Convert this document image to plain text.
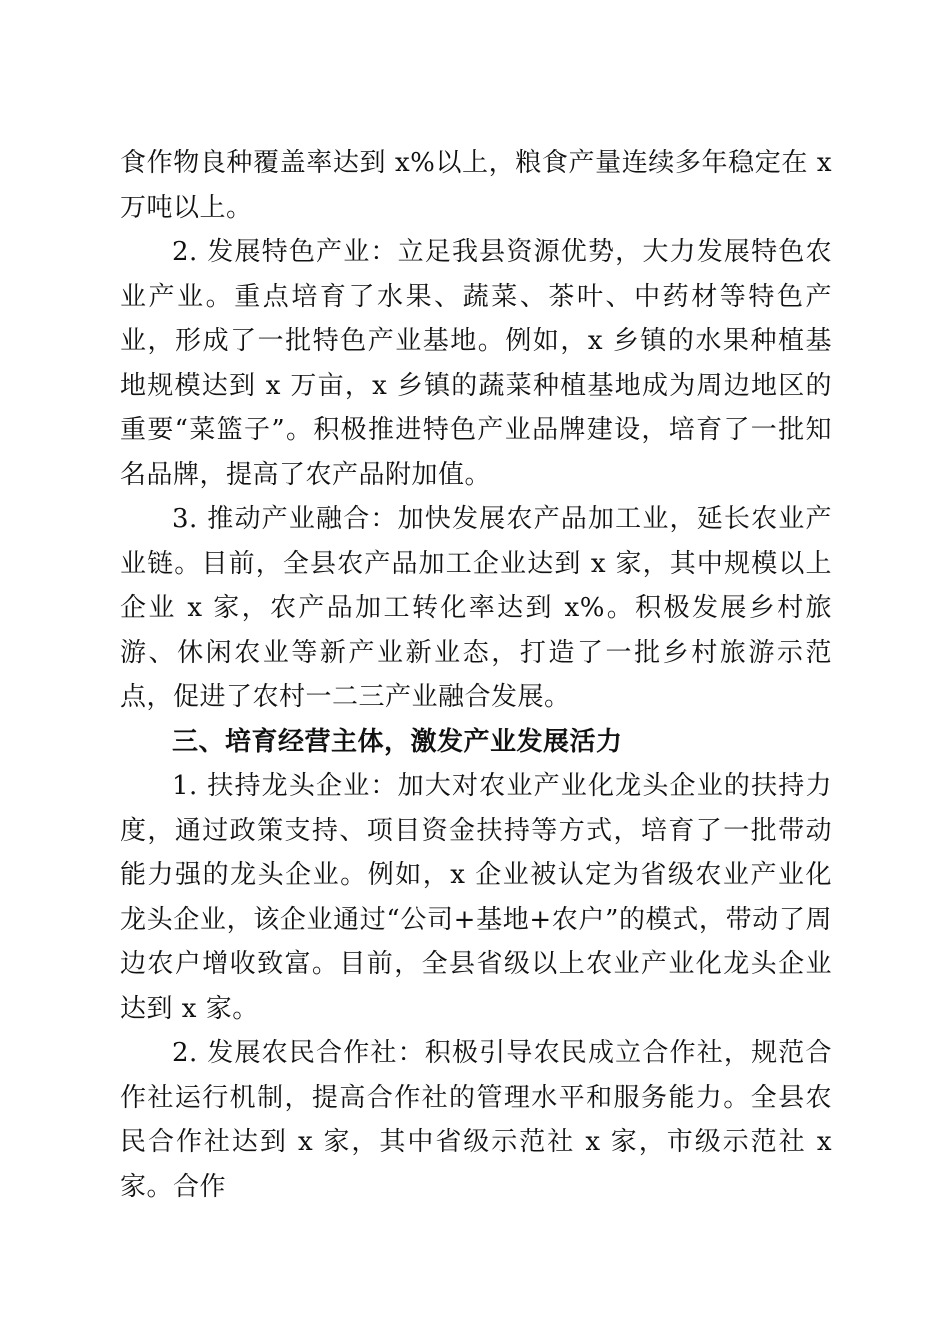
食作物良种覆盖率达到 x%以上，粮食产量连续多年稳定在 x 万吨以上。

2. 发展特色产业：立足我县资源优势，大力发展特色农业产业。重点培育了水果、蔬菜、茶叶、中药材等特色产业，形成了一批特色产业基地。例如，x 乡镇的水果种植基地规模达到 x 万亩，x 乡镇的蔬菜种植基地成为周边地区的重要“菜篮子”。积极推进特色产业品牌建设，培育了一批知名品牌，提高了农产品附加值。

3. 推动产业融合：加快发展农产品加工业，延长农业产业链。目前，全县农产品加工企业达到 x 家，其中规模以上企业 x 家，农产品加工转化率达到 x%。积极发展乡村旅游、休闲农业等新产业新业态，打造了一批乡村旅游示范点，促进了农村一二三产业融合发展。

三、培育经营主体，激发产业发展活力

1. 扶持龙头企业：加大对农业产业化龙头企业的扶持力度，通过政策支持、项目资金扶持等方式，培育了一批带动能力强的龙头企业。例如，x 企业被认定为省级农业产业化龙头企业，该企业通过“公司+基地+农户”的模式，带动了周边农户增收致富。目前，全县省级以上农业产业化龙头企业达到 x 家。

2. 发展农民合作社：积极引导农民成立合作社，规范合作社运行机制，提高合作社的管理水平和服务能力。全县农民合作社达到 x 家，其中省级示范社 x 家，市级示范社 x 家。合作
